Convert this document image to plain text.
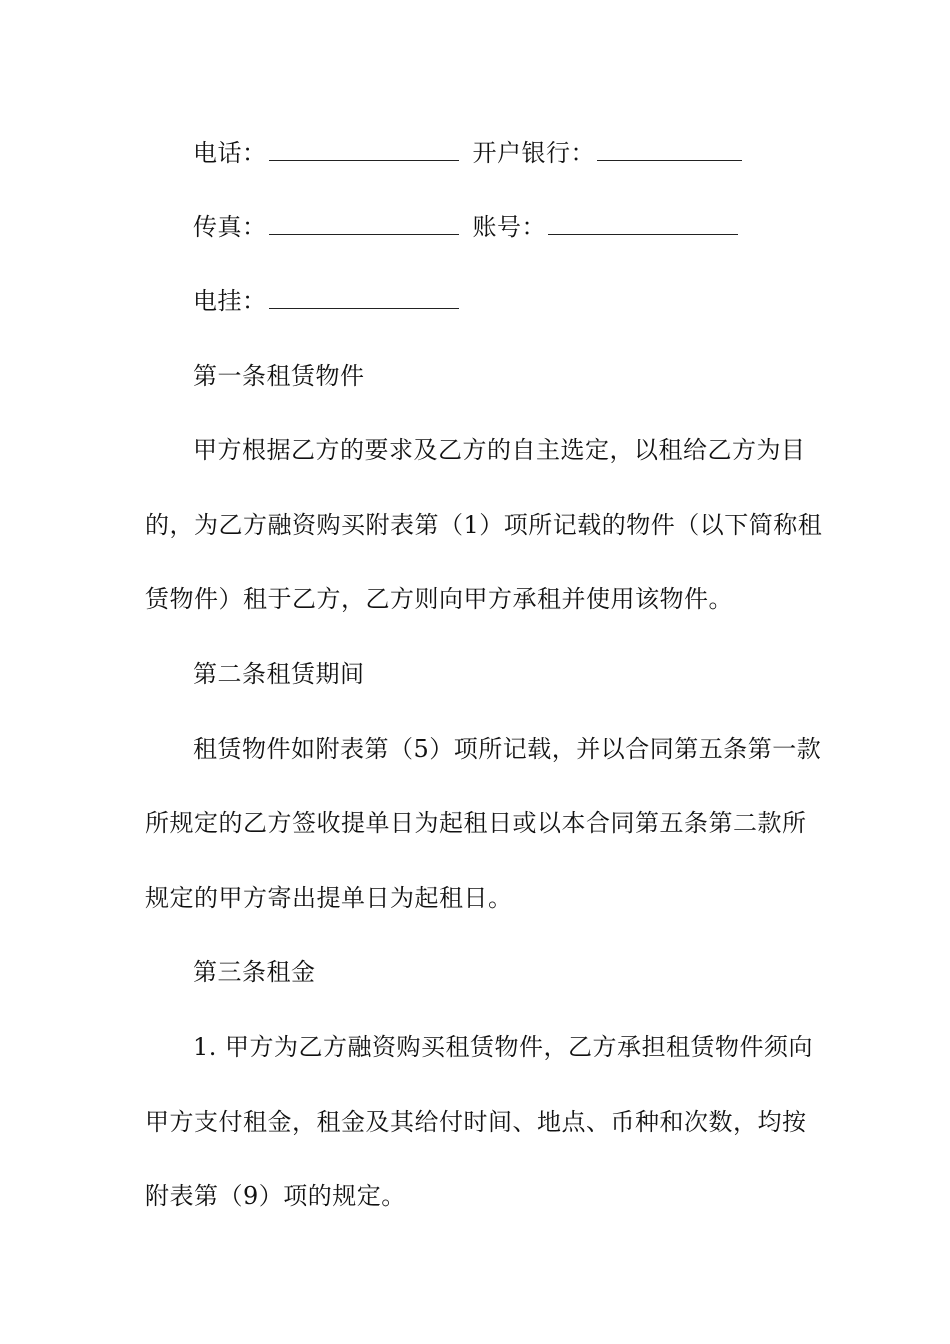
电话：	开户银行：
传真：	账号：
电挂：
第一条租赁物件
甲方根据乙方的要求及乙方的自主选定，以租给乙方为目
的，为乙方融资购买附表第（1）项所记载的物件（以下简称租
赁物件）租于乙方，乙方则向甲方承租并使用该物件。
第二条租赁期间
租赁物件如附表第（5）项所记载，并以合同第五条第一款
所规定的乙方签收提单日为起租日或以本合同第五条第二款所
规定的甲方寄出提单日为起租日。
第三条租金
1. 甲方为乙方融资购买租赁物件，乙方承担租赁物件须向
甲方支付租金，租金及其给付时间、地点、币种和次数，均按
附表第（9）项的规定。
